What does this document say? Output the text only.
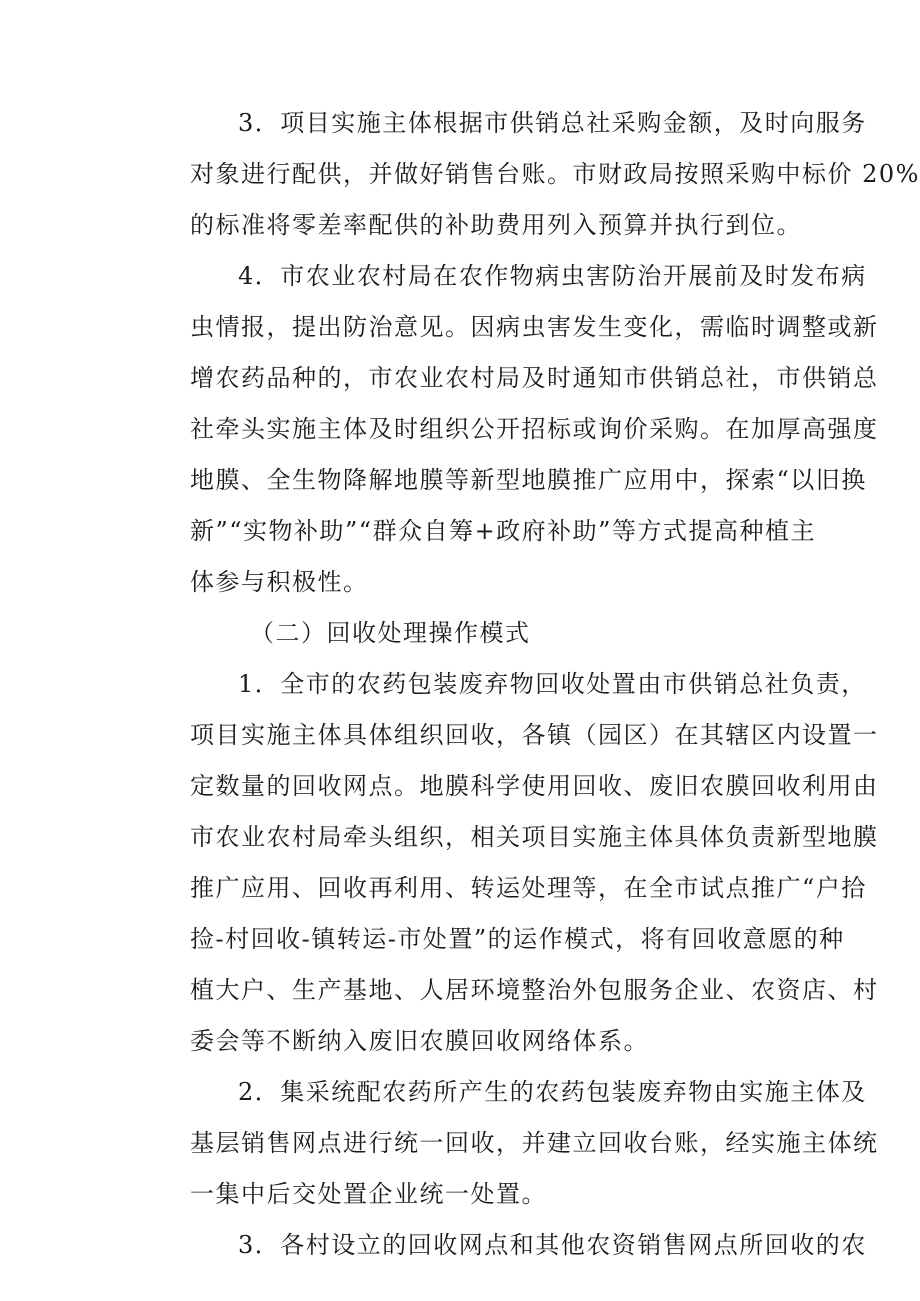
3．项目实施主体根据市供销总社采购金额，及时向服务
对象进行配供，并做好销售台账。市财政局按照采购中标价 20%
的标准将零差率配供的补助费用列入预算并执行到位。
4．市农业农村局在农作物病虫害防治开展前及时发布病
虫情报，提出防治意见。因病虫害发生变化，需临时调整或新
增农药品种的，市农业农村局及时通知市供销总社，市供销总
社牵头实施主体及时组织公开招标或询价采购。在加厚高强度
地膜、全生物降解地膜等新型地膜推广应用中，探索“以旧换
新”“实物补助”“群众自筹+政府补助”等方式提高种植主
体参与积极性。
（二）回收处理操作模式
1．全市的农药包装废弃物回收处置由市供销总社负责，
项目实施主体具体组织回收，各镇（园区）在其辖区内设置一
定数量的回收网点。地膜科学使用回收、废旧农膜回收利用由
市农业农村局牵头组织，相关项目实施主体具体负责新型地膜
推广应用、回收再利用、转运处理等，在全市试点推广“户拾
捡-村回收-镇转运-市处置”的运作模式，将有回收意愿的种
植大户、生产基地、人居环境整治外包服务企业、农资店、村
委会等不断纳入废旧农膜回收网络体系。
2．集采统配农药所产生的农药包装废弃物由实施主体及
基层销售网点进行统一回收，并建立回收台账，经实施主体统
一集中后交处置企业统一处置。
3．各村设立的回收网点和其他农资销售网点所回收的农
